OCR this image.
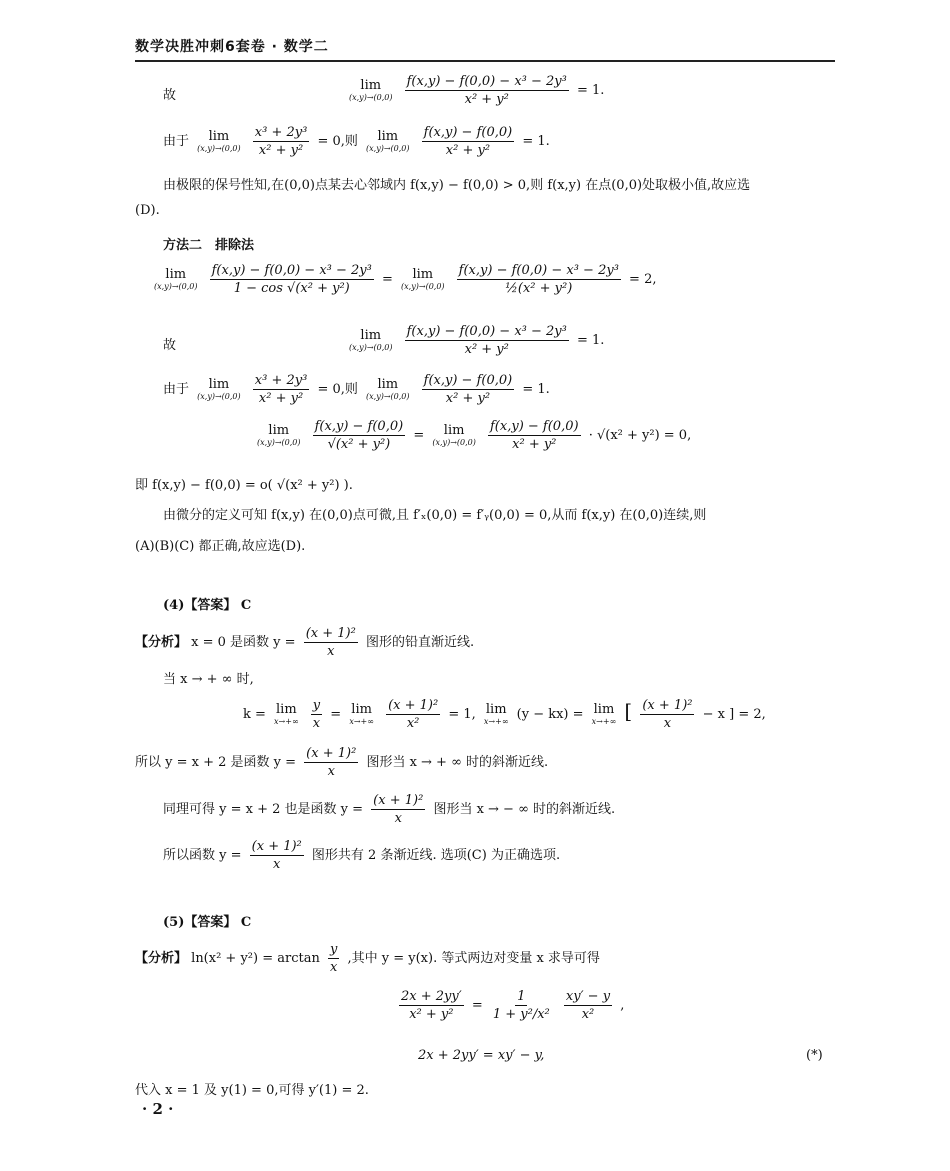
数学决胜冲刺6套卷 · 数学二
故
lim
(x,y)→(0,0)
$\frac{\text{f(x,y) − f(0,0) − x³ − 2y³}}{\text{x² + y²}} = 1$.
由于 lim
(x,y)→(0,0)
$\frac{\text{x³ + 2y³}}{\text{x² + y²}} = 0$,则 lim
(x,y)→(0,0)
$\frac{f(x,y) - f(0,0)}{\text{x² + y²}} = 1$.
由极限的保号性知,在(0,0)点某去心邻域内 f(x,y) − f(0,0) > 0,则 f(x,y) 在点(0,0)处取极小值,故应选
(D).
方法二　排除法
lim
(x,y)→(0,0)
$\frac{\text{f(x,y) − f(0,0) − x³ − 2y³}}{\text{1 − cos √(x² + y²)}} = \lim$
(x,y)→(0,0)
$\frac{\text{f(x,y) − f(0,0) − x³ − 2y³}}{\text{½(x² + y²)}} = 2$,
故
lim
(x,y)→(0,0)
$\frac{\text{f(x,y) − f(0,0) − x³ − 2y³}}{\text{x² + y²}} = 1$.
由于 lim
(x,y)→(0,0)
$\frac{\text{x³ + 2y³}}{\text{x² + y²}} = 0$,则 lim
(x,y)→(0,0)
$\frac{f(x,y) - f(0,0)}{\text{x² + y²}} = 1$.
lim
(x,y)→(0,0)
$\frac{f(x,y) - f(0,0)}{\text{√(x² + y²)}} = \lim$
(x,y)→(0,0)
$\frac{f(x,y) - f(0,0)}{\text{x² + y²}} \cdot √(x^2 + y^2) = 0$,
即 f(x,y) − f(0,0) = o( √(x² + y²) ).
由微分的定义可知 f(x,y) 在(0,0)点可微,且 f′ₓ(0,0) = f′ᵧ(0,0) = 0,从而 f(x,y) 在(0,0)连续,则
(A)(B)(C) 都正确,故应选(D).
(4)【答案】 C
【分析】 x = 0 是函数 $y = \frac{\text{(x + 1)²}}{x}$ 图形的铅直渐近线.
当 x → + ∞ 时,
k = lim
x→+∞
$\frac{y}{x} = \lim$
x→+∞
$\frac{\text{(x + 1)²}}{\text{x²}} = 1$, lim
x→+∞ (y − kx) = lim
x→+∞ [ $\frac{\text{(x + 1)²}}{x} - x$ ] = 2,
所以 y = x + 2 是函数 $y = \frac{\text{(x + 1)²}}{x}$ 图形当 x → + ∞ 时的斜渐近线.
同理可得 y = x + 2 也是函数 $y = \frac{\text{(x + 1)²}}{x}$ 图形当 x → − ∞ 时的斜渐近线.
所以函数 $y = \frac{\text{(x + 1)²}}{x}$ 图形共有 2 条渐近线. 选项(C) 为正确选项.
(5)【答案】 C
【分析】 $\ln(x^2 + y^2) = \arctan \frac{y}{x}$ ,其中 y = y(x). 等式两边对变量 x 求导可得
$\frac{2x + 2yy'}{\text{x² + y²}} = \frac{1}{\text{1 + y²/x²}}$
$\frac{xy' - y}{\text{x²}}$ ,
2x + 2yy′ = xy′ − y,	(*)
代入 x = 1 及 y(1) = 0,可得 y′(1) = 2.
· 2 ·
